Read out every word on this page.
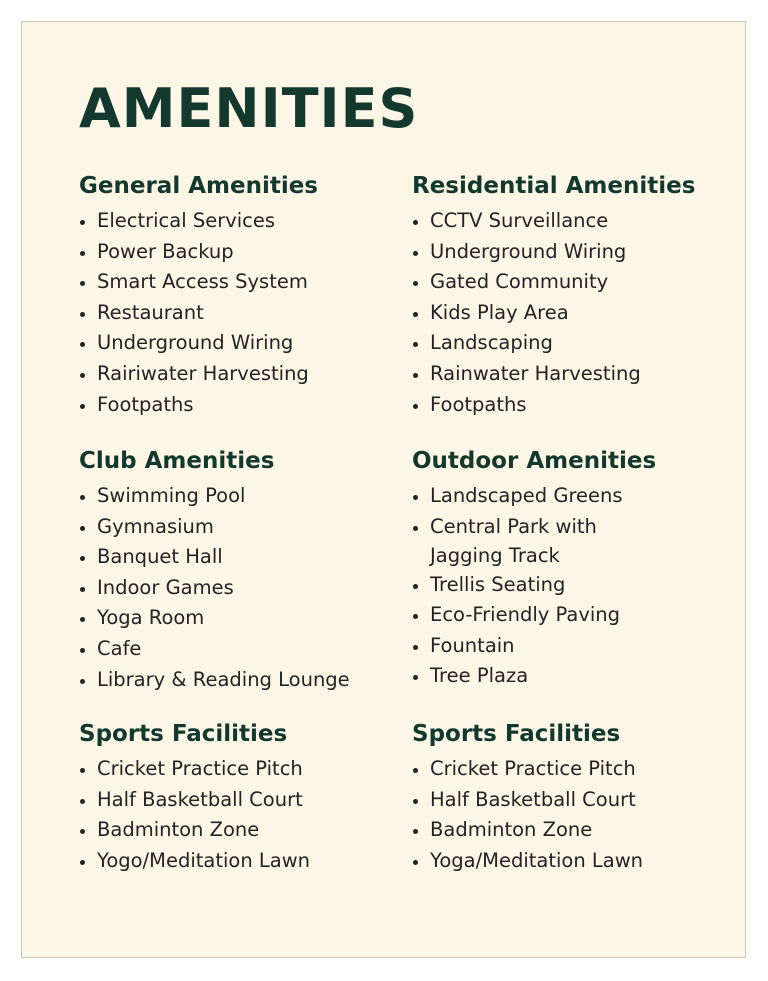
AMENITIES
General Amenities
Electrical Services
Power Backup
Smart Access System
Restaurant
Underground Wiring
Rairiwater Harvesting
Footpaths
Residential Amenities
CCTV Surveillance
Underground Wiring
Gated Community
Kids Play Area
Landscaping
Rainwater Harvesting
Footpaths
Club Amenities
Swimming Pool
Gymnasium
Banquet Hall
Indoor Games
Yoga Room
Cafe
Library & Reading Lounge
Outdoor Amenities
Landscaped Greens
Central Park with Jagging Track
Trellis Seating
Eco-Friendly Paving
Fountain
Tree Plaza
Sports Facilities
Cricket Practice Pitch
Half Basketball Court
Badminton Zone
Yogo/Meditation Lawn
Sports Facilities
Cricket Practice Pitch
Half Basketball Court
Badminton Zone
Yoga/Meditation Lawn
